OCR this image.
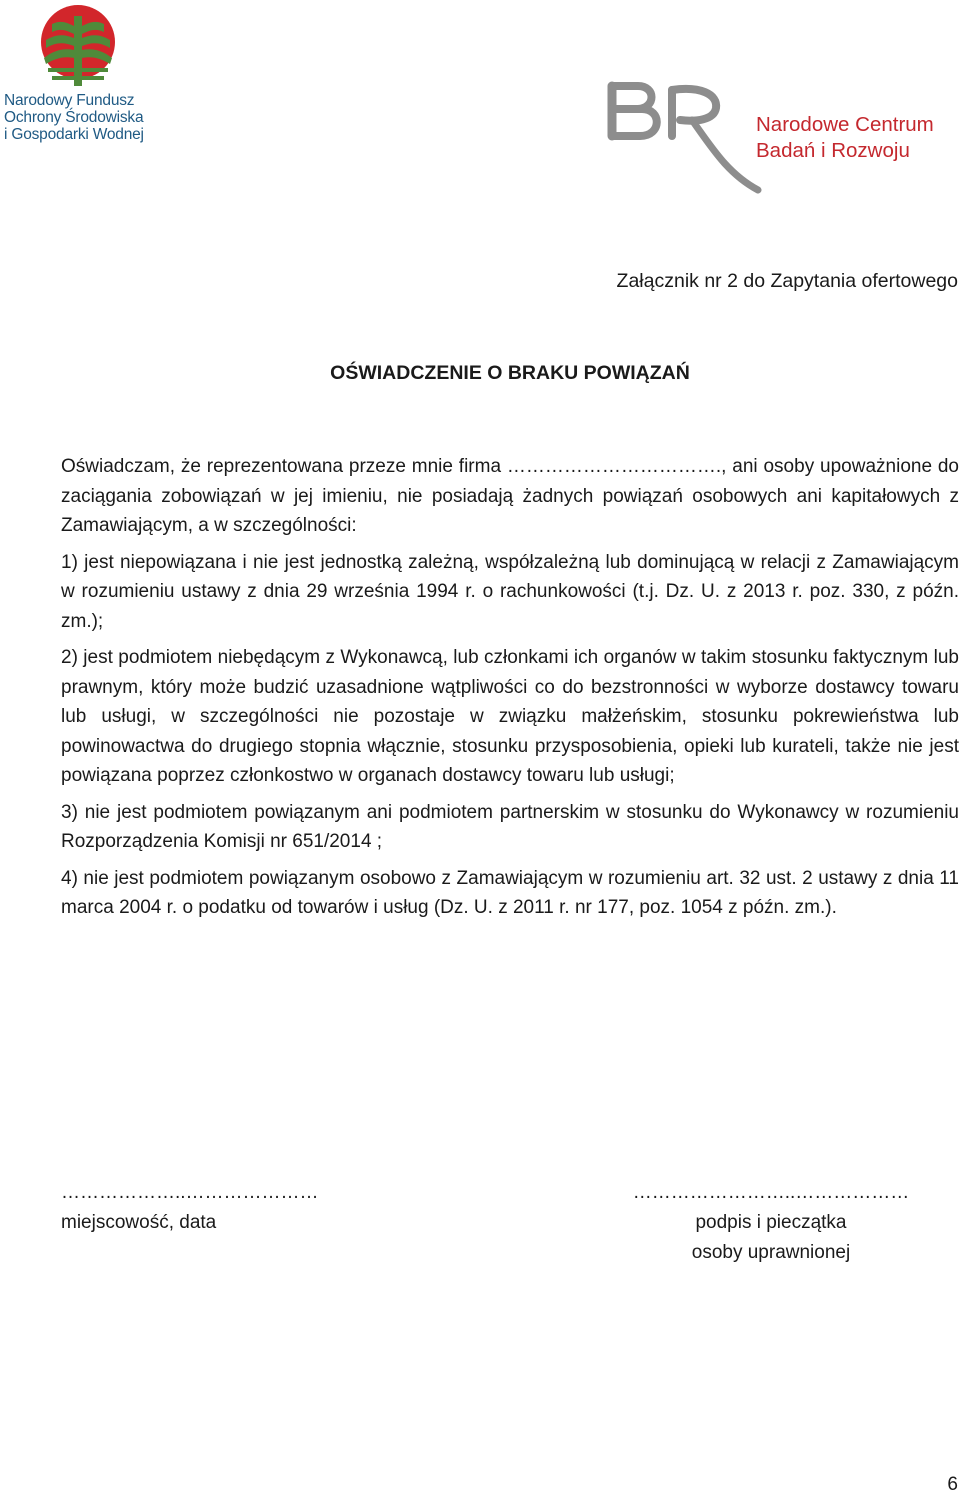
Narodowy Fundusz
Ochrony Środowiska
i Gospodarki Wodnej	Narodowe Centrum
Badań i Rozwoju
Załącznik nr 2 do Zapytania ofertowego
OŚWIADCZENIE O BRAKU POWIĄZAŃ

Oświadczam, że reprezentowana przeze mnie firma ……………………………., ani osoby upoważnione do zaciągania zobowiązań w jej imieniu, nie posiadają żadnych powiązań osobowych ani kapitałowych z Zamawiającym, a w szczególności:

1) jest niepowiązana i nie jest jednostką zależną, współzależną lub dominującą w relacji z Zamawiającym w rozumieniu ustawy z dnia 29 września 1994 r. o rachunkowości (t.j. Dz. U. z 2013 r. poz. 330, z późn. zm.);

2) jest podmiotem niebędącym z Wykonawcą, lub członkami ich organów w takim stosunku faktycznym lub prawnym, który może budzić uzasadnione wątpliwości co do bezstronności w wyborze dostawcy towaru lub usługi, w szczególności nie pozostaje w związku małżeńskim, stosunku pokrewieństwa lub powinowactwa do drugiego stopnia włącznie, stosunku przysposobienia, opieki lub kurateli, także nie jest powiązana poprzez członkostwo w organach dostawcy towaru lub usługi;

3) nie jest podmiotem powiązanym ani podmiotem partnerskim w stosunku do Wykonawcy w rozumieniu Rozporządzenia Komisji nr 651/2014 ;

4) nie jest podmiotem powiązanym osobowo z Zamawiającym w rozumieniu art. 32 ust. 2 ustawy z dnia 11 marca 2004 r. o podatku od towarów i usług (Dz. U. z 2011 r. nr 177, poz. 1054 z późn. zm.).

………………..…………………
miejscowość, data
……………………..………………
podpis i pieczątka
osoby uprawnionej
6
